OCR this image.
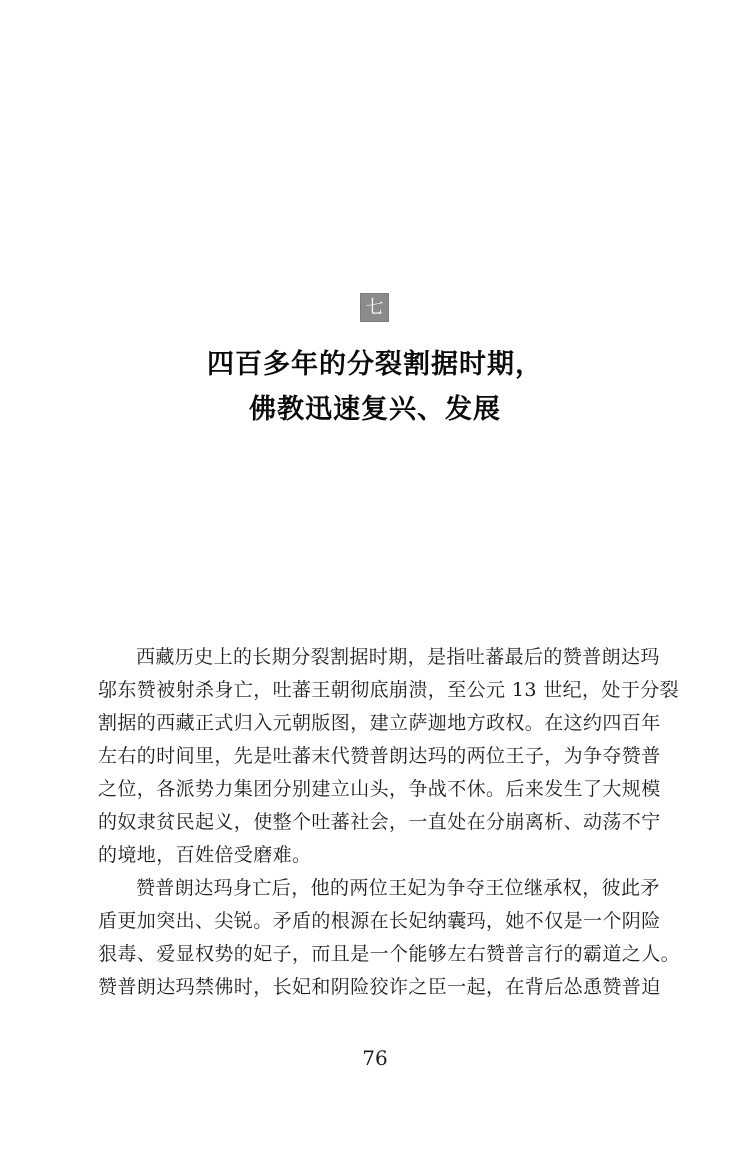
七
四百多年的分裂割据时期，
佛教迅速复兴、发展
西藏历史上的长期分裂割据时期，是指吐蕃最后的赞普朗达玛
邬东赞被射杀身亡，吐蕃王朝彻底崩溃，至公元 13 世纪，处于分裂
割据的西藏正式归入元朝版图，建立萨迦地方政权。在这约四百年
左右的时间里，先是吐蕃末代赞普朗达玛的两位王子，为争夺赞普
之位，各派势力集团分别建立山头，争战不休。后来发生了大规模
的奴隶贫民起义，使整个吐蕃社会，一直处在分崩离析、动荡不宁
的境地，百姓倍受磨难。
赞普朗达玛身亡后，他的两位王妃为争夺王位继承权，彼此矛
盾更加突出、尖锐。矛盾的根源在长妃纳囊玛，她不仅是一个阴险
狠毒、爱显权势的妃子，而且是一个能够左右赞普言行的霸道之人。
赞普朗达玛禁佛时，长妃和阴险狡诈之臣一起，在背后怂恿赞普迫
76
